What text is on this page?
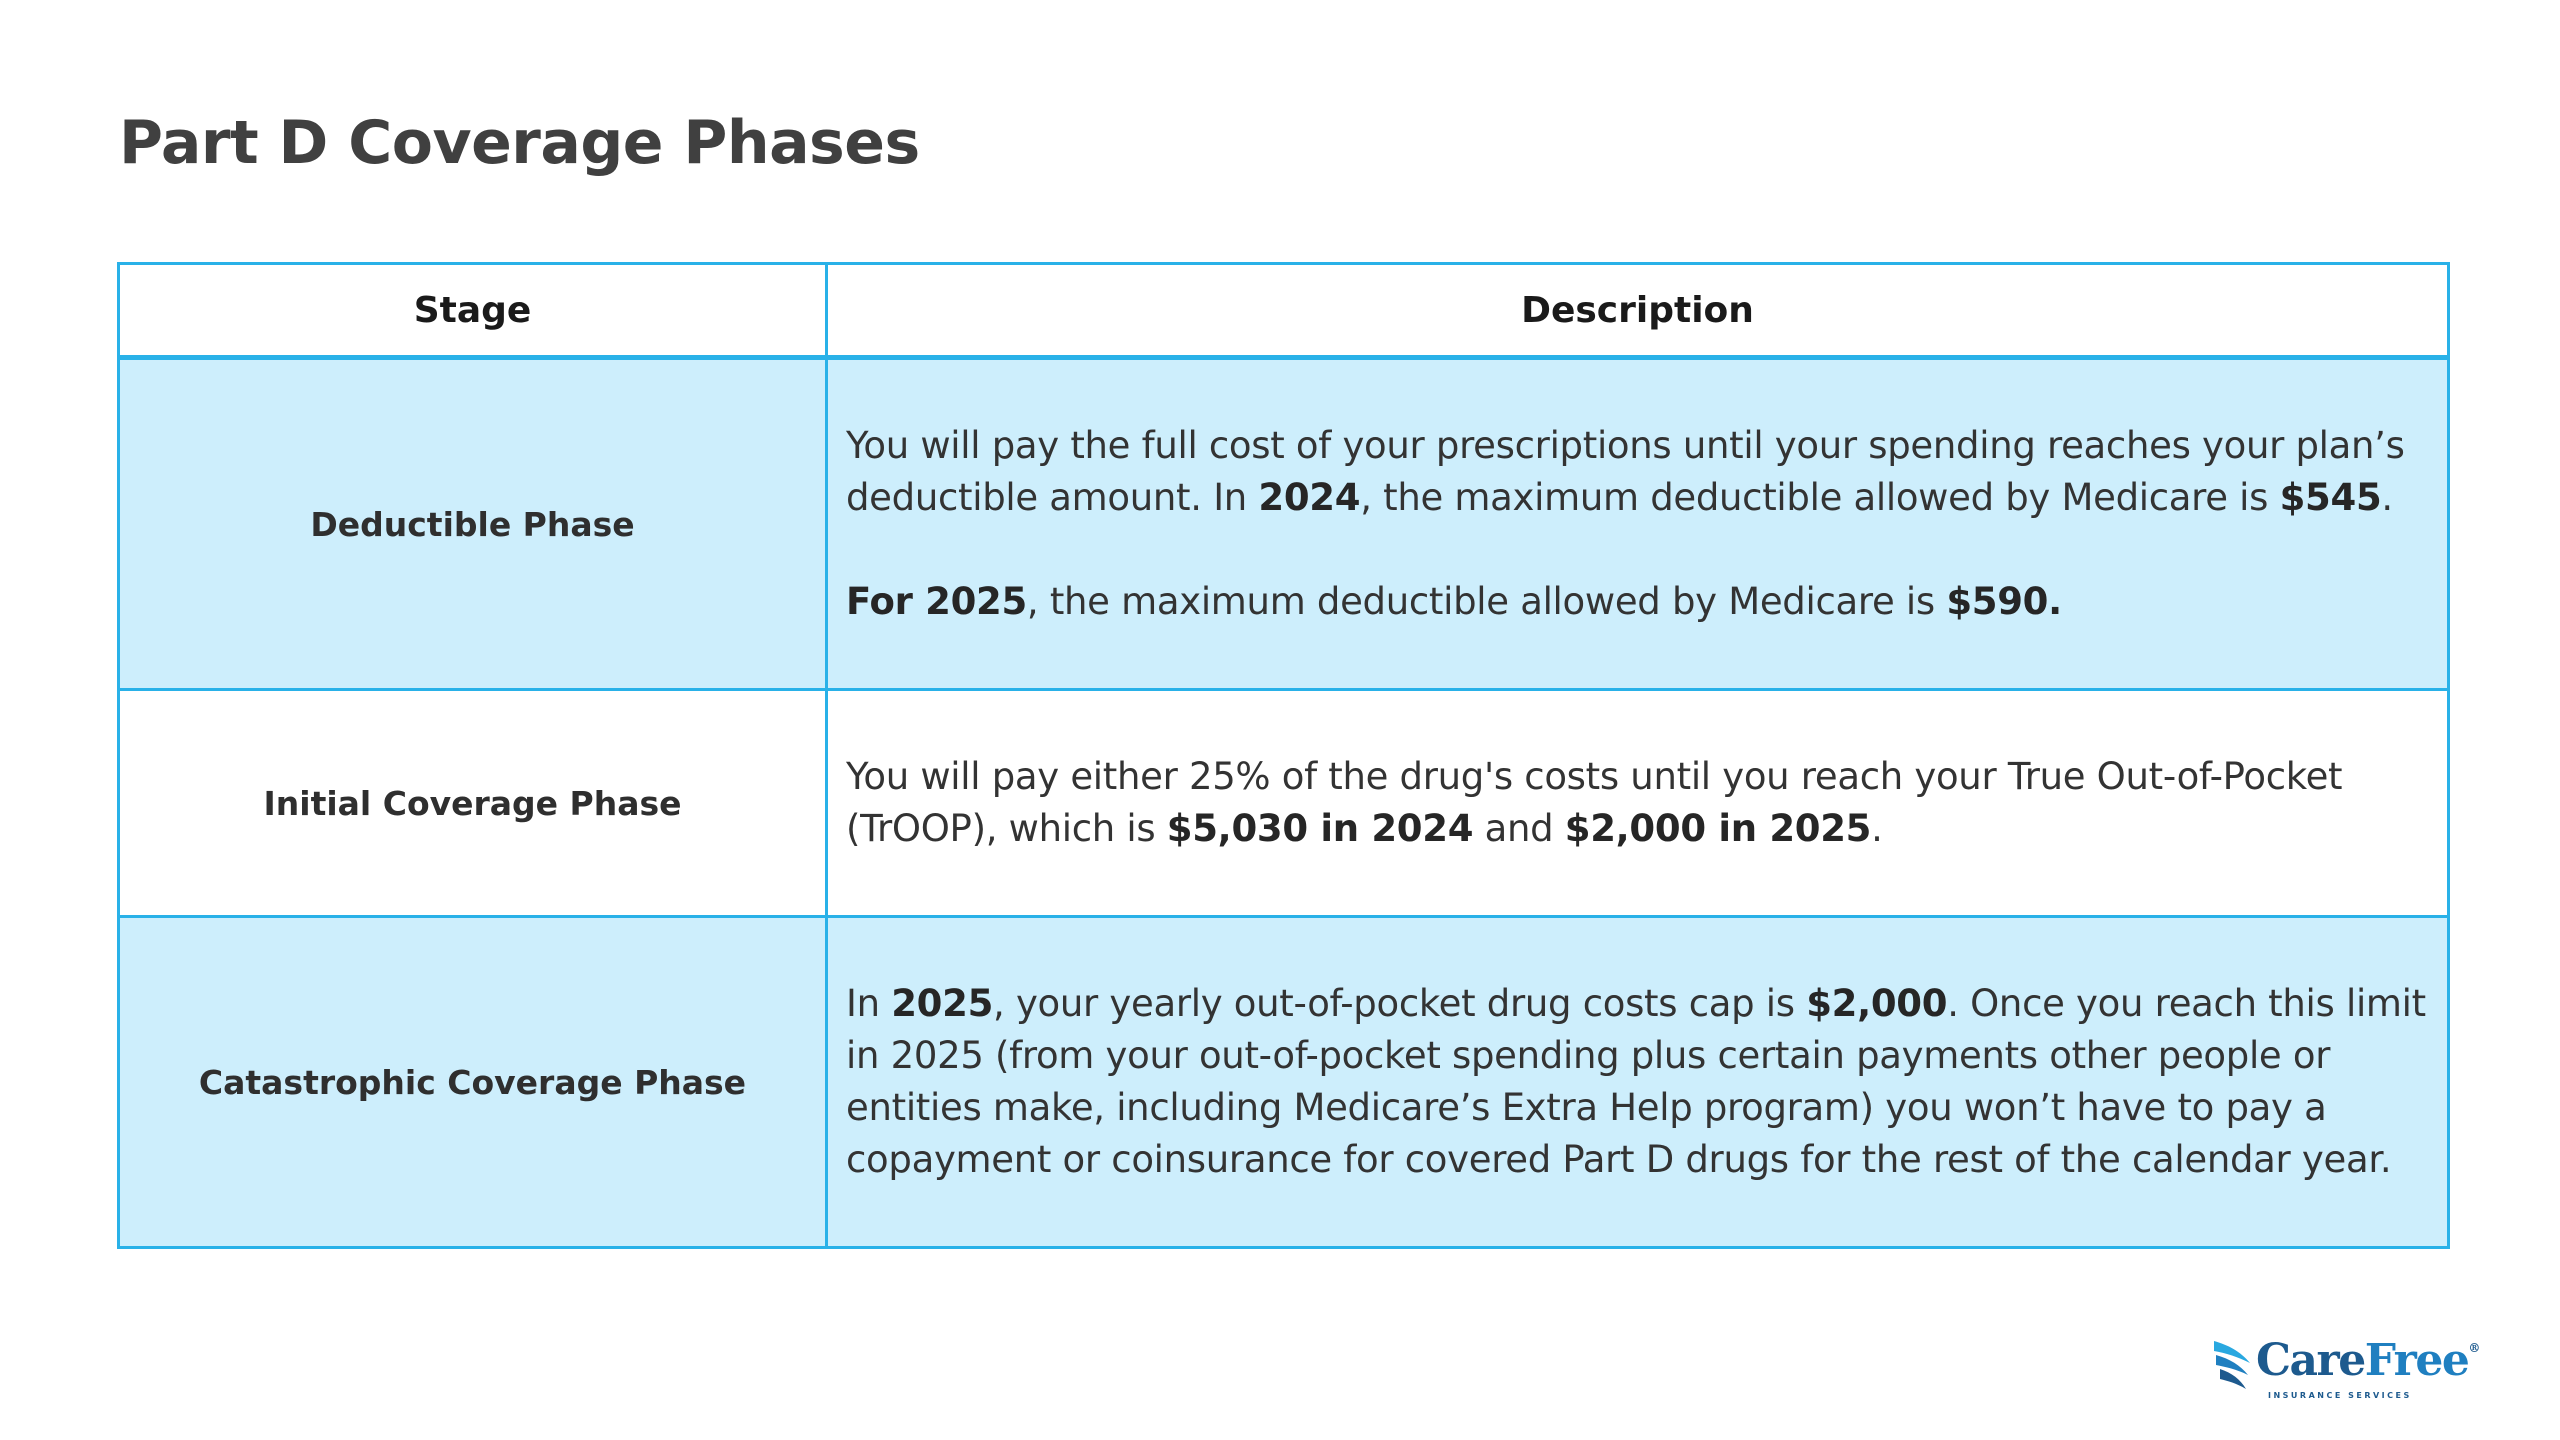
Part D Coverage Phases
Stage	Description
Deductible Phase	You will pay the full cost of your prescriptions until your spending reaches your plan’s deductible amount. In 2024, the maximum deductible allowed by Medicare is $545.
For 2025, the maximum deductible allowed by Medicare is $590.
Initial Coverage Phase	You will pay either 25% of the drug's costs until you reach your True Out-of-Pocket (TrOOP), which is $5,030 in 2024 and $2,000 in 2025.
Catastrophic Coverage Phase	In 2025, your yearly out-of-pocket drug costs cap is $2,000. Once you reach this limit in 2025 (from your out-of-pocket spending plus certain payments other people or entities make, including Medicare’s Extra Help program) you won’t have to pay a copayment or coinsurance for covered Part D drugs for the rest of the calendar year.
CareFree®
INSURANCE SERVICES
